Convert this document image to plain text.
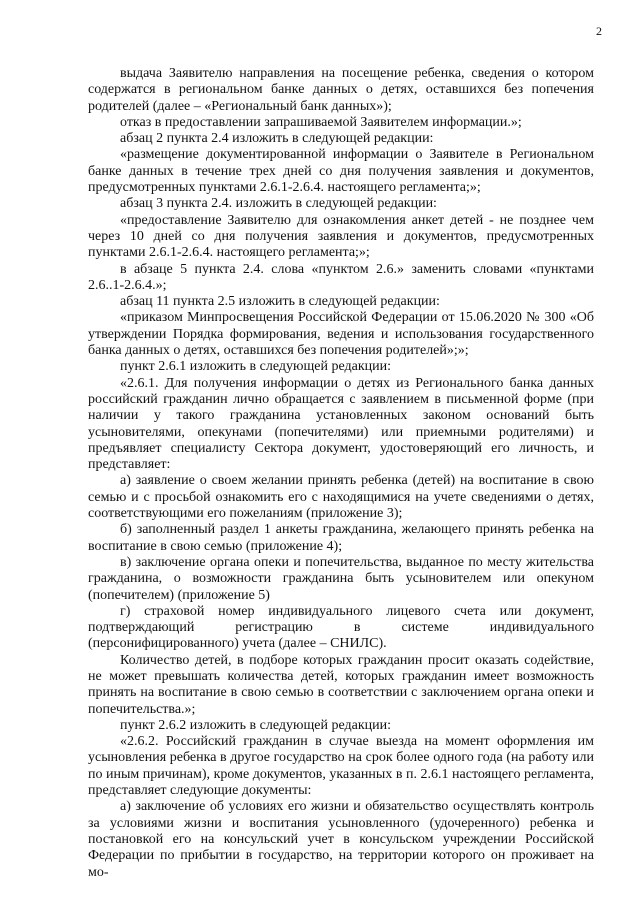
2

выдача Заявителю направления на посещение ребенка, сведения о котором содержатся в региональном банке данных о детях, оставшихся без попечения родителей (далее – «Региональный банк данных»);

отказ в предоставлении запрашиваемой Заявителем информации.»;

абзац 2 пункта 2.4 изложить в следующей редакции:

«размещение документированной информации о Заявителе в Региональном банке данных в течение трех дней со дня получения заявления и документов, предусмотренных пунктами 2.6.1-2.6.4. настоящего регламента;»;

абзац 3 пункта 2.4. изложить в следующей редакции:

«предоставление Заявителю для ознакомления анкет детей - не позднее чем через 10 дней со дня получения заявления и документов, предусмотренных пунктами 2.6.1-2.6.4. настоящего регламента;»;

в абзаце 5 пункта 2.4. слова «пунктом 2.6.» заменить словами «пунктами 2.6..1-2.6.4.»;

абзац 11 пункта 2.5 изложить в следующей редакции:

«приказом Минпросвещения Российской Федерации от 15.06.2020 № 300 «Об утверждении Порядка формирования, ведения и использования государственного банка данных о детях, оставшихся без попечения родителей»;»;

пункт 2.6.1 изложить в следующей редакции:

«2.6.1. Для получения информации о детях из Регионального банка данных российский гражданин лично обращается с заявлением в письменной форме (при наличии у такого гражданина установленных законом оснований быть усыновителями, опекунами (попечителями) или приемными родителями) и предъявляет специалисту Сектора документ, удостоверяющий его личность, и представляет:

а) заявление о своем желании принять ребенка (детей) на воспитание в свою семью и с просьбой ознакомить его с находящимися на учете сведениями о детях, соответствующими его пожеланиям (приложение 3);

б) заполненный раздел 1 анкеты гражданина, желающего принять ребенка на воспитание в свою семью (приложение 4);

в) заключение органа опеки и попечительства, выданное по месту жительства гражданина, о возможности гражданина быть усыновителем или опекуном (попечителем) (приложение 5)

г) страховой номер индивидуального лицевого счета или документ, подтверждающий регистрацию в системе индивидуального (персонифицированного) учета (далее – СНИЛС).

Количество детей, в подборе которых гражданин просит оказать содействие, не может превышать количества детей, которых гражданин имеет возможность принять на воспитание в свою семью в соответствии с заключением органа опеки и попечительства.»;

пункт 2.6.2 изложить в следующей редакции:

«2.6.2. Российский гражданин в случае выезда на момент оформления им усыновления ребенка в другое государство на срок более одного года (на работу или по иным причинам), кроме документов, указанных в п. 2.6.1 настоящего регламента, представляет следующие документы:

а) заключение об условиях его жизни и обязательство осуществлять контроль за условиями жизни и воспитания усыновленного (удочеренного) ребенка и постановкой его на консульский учет в консульском учреждении Российской Федерации по прибытии в государство, на территории которого он проживает на мо-
